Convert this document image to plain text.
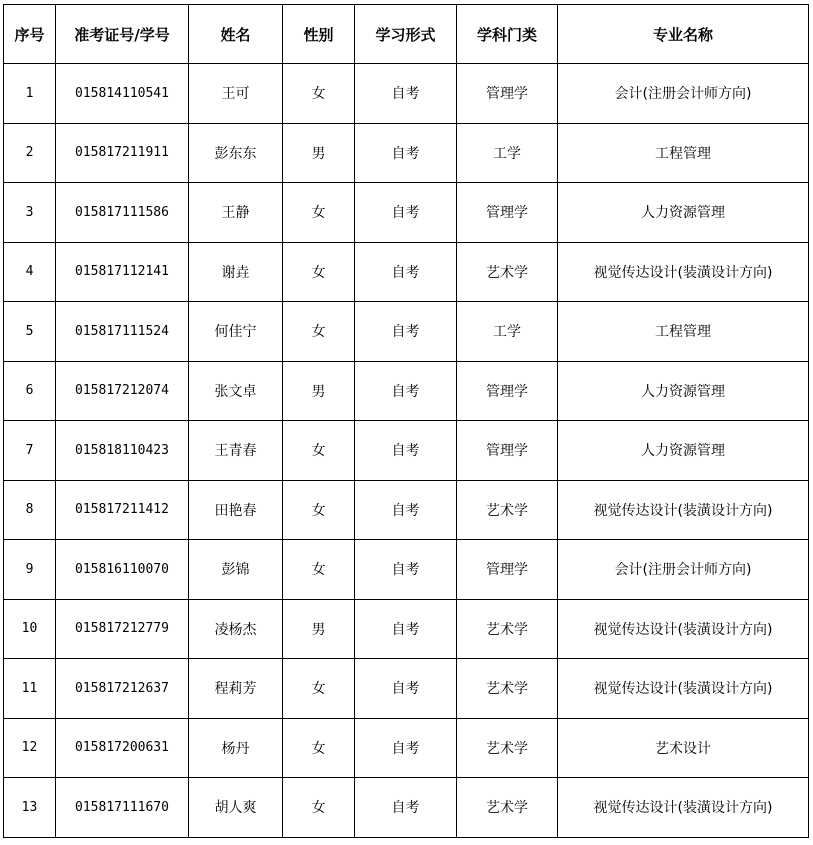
序号	准考证号/学号	姓名	性别	学习形式	学科门类	专业名称
1	015814110541	王可	女	自考	管理学	会计(注册会计师方向)
2	015817211911	彭东东	男	自考	工学	工程管理
3	015817111586	王静	女	自考	管理学	人力资源管理
4	015817112141	谢垚	女	自考	艺术学	视觉传达设计(装潢设计方向)
5	015817111524	何佳宁	女	自考	工学	工程管理
6	015817212074	张文卓	男	自考	管理学	人力资源管理
7	015818110423	王青春	女	自考	管理学	人力资源管理
8	015817211412	田艳春	女	自考	艺术学	视觉传达设计(装潢设计方向)
9	015816110070	彭锦	女	自考	管理学	会计(注册会计师方向)
10	015817212779	凌杨杰	男	自考	艺术学	视觉传达设计(装潢设计方向)
11	015817212637	程莉芳	女	自考	艺术学	视觉传达设计(装潢设计方向)
12	015817200631	杨丹	女	自考	艺术学	艺术设计
13	015817111670	胡人爽	女	自考	艺术学	视觉传达设计(装潢设计方向)
